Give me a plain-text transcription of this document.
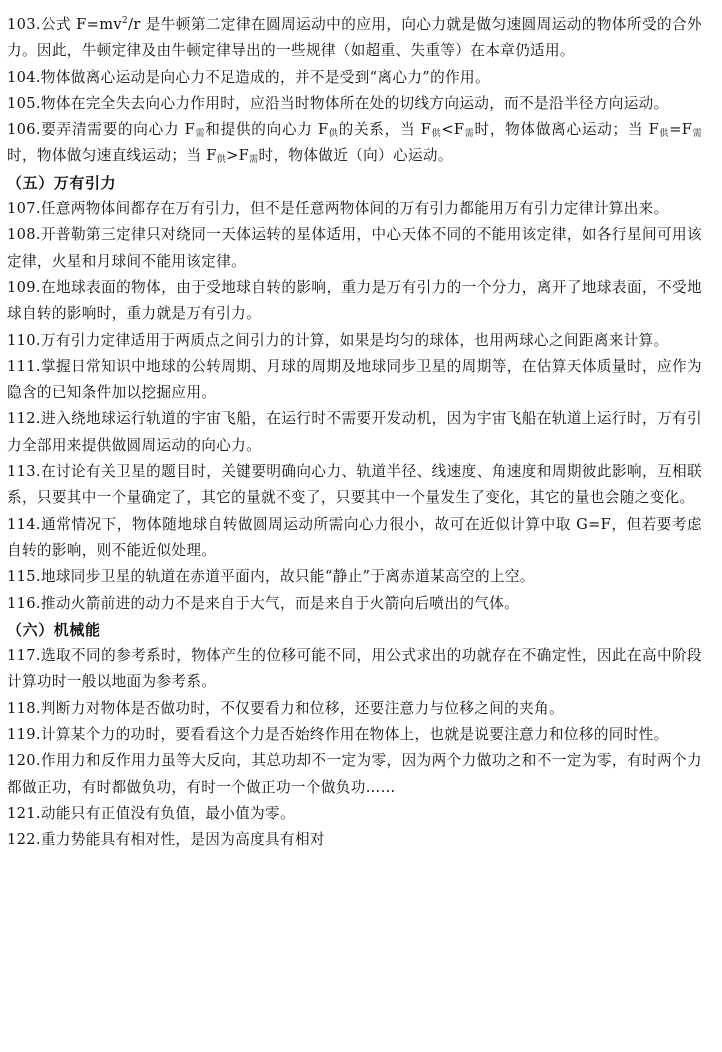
103.公式 $F=mv^2/r$ 是牛顿第二定律在圆周运动中的应用，向心力就是做匀速圆周运动的物体所受的合外力。因此，牛顿定律及由牛顿定律导出的一些规律（如超重、失重等）在本章仍适用。

104.物体做离心运动是向心力不足造成的，并不是受到“离心力”的作用。

105.物体在完全失去向心力作用时，应沿当时物体所在处的切线方向运动，而不是沿半径方向运动。

106.要弄清需要的向心力 $F_需$和提供的向心力 $F_供$的关系，当 $F_供<F_需$时，物体做离心运动；当 $F_供=F_需$时，物体做匀速直线运动；当 $F_供>F_需$时，物体做近（向）心运动。

（五）万有引力

107.任意两物体间都存在万有引力，但不是任意两物体间的万有引力都能用万有引力定律计算出来。

108.开普勒第三定律只对绕同一天体运转的星体适用，中心天体不同的不能用该定律，如各行星间可用该定律，火星和月球间不能用该定律。

109.在地球表面的物体，由于受地球自转的影响，重力是万有引力的一个分力，离开了地球表面，不受地球自转的影响时，重力就是万有引力。

110.万有引力定律适用于两质点之间引力的计算，如果是均匀的球体，也用两球心之间距离来计算。

111.掌握日常知识中地球的公转周期、月球的周期及地球同步卫星的周期等，在估算天体质量时，应作为隐含的已知条件加以挖掘应用。

112.进入绕地球运行轨道的宇宙飞船，在运行时不需要开发动机，因为宇宙飞船在轨道上运行时，万有引力全部用来提供做圆周运动的向心力。

113.在讨论有关卫星的题目时，关键要明确向心力、轨道半径、线速度、角速度和周期彼此影响，互相联系，只要其中一个量确定了，其它的量就不变了，只要其中一个量发生了变化，其它的量也会随之变化。

114.通常情况下，物体随地球自转做圆周运动所需向心力很小，故可在近似计算中取 G=F，但若要考虑自转的影响，则不能近似处理。

115.地球同步卫星的轨道在赤道平面内，故只能“静止”于离赤道某高空的上空。

116.推动火箭前进的动力不是来自于大气，而是来自于火箭向后喷出的气体。

（六）机械能

117.选取不同的参考系时，物体产生的位移可能不同，用公式求出的功就存在不确定性，因此在高中阶段计算功时一般以地面为参考系。

118.判断力对物体是否做功时，不仅要看力和位移，还要注意力与位移之间的夹角。

119.计算某个力的功时，要看看这个力是否始终作用在物体上，也就是说要注意力和位移的同时性。

120.作用力和反作用力虽等大反向，其总功却不一定为零，因为两个力做功之和不一定为零，有时两个力都做正功，有时都做负功，有时一个做正功一个做负功……

121.动能只有正值没有负值，最小值为零。

122.重力势能具有相对性，是因为高度具有相对
